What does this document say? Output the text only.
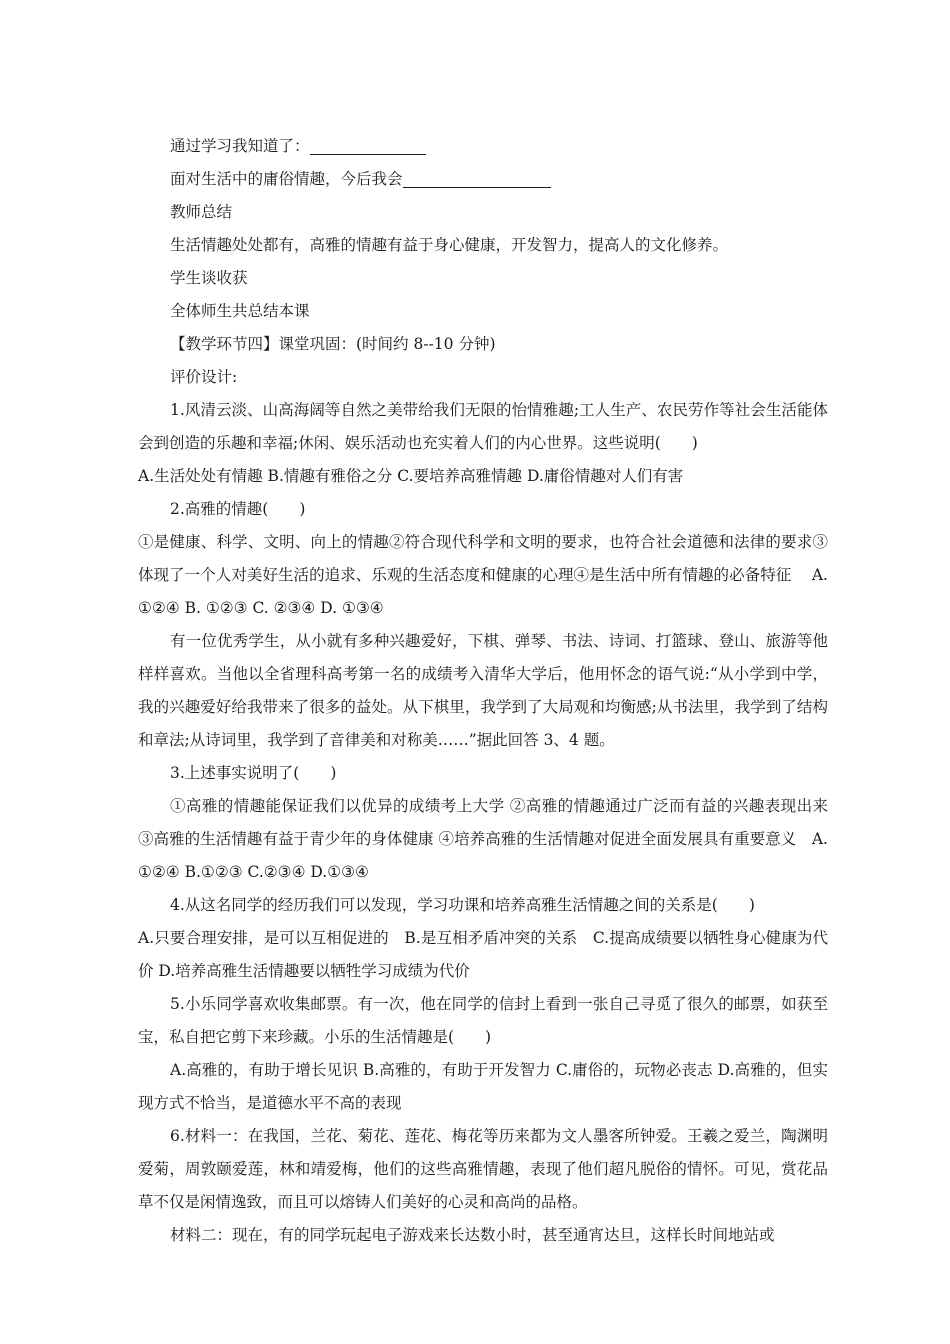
通过学习我知道了：

面对生活中的庸俗情趣，今后我会

教师总结

生活情趣处处都有，高雅的情趣有益于身心健康，开发智力，提高人的文化修养。

学生谈收获

全体师生共总结本课

【教学环节四】课堂巩固：(时间约 8--10 分钟)

评价设计:

1.风清云淡、山高海阔等自然之美带给我们无限的怡情雅趣;工人生产、农民劳作等社会生活能体会到创造的乐趣和幸福;休闲、娱乐活动也充实着人们的内心世界。这些说明(　　)

A.生活处处有情趣 B.情趣有雅俗之分 C.要培养高雅情趣 D.庸俗情趣对人们有害

2.高雅的情趣(　　)

①是健康、科学、文明、向上的情趣②符合现代科学和文明的要求，也符合社会道德和法律的要求③体现了一个人对美好生活的追求、乐观的生活态度和健康的心理④是生活中所有情趣的必备特征　 A. ①②④ B. ①②③ C. ②③④ D. ①③④

有一位优秀学生，从小就有多种兴趣爱好，下棋、弹琴、书法、诗词、打篮球、登山、旅游等他样样喜欢。当他以全省理科高考第一名的成绩考入清华大学后，他用怀念的语气说:“从小学到中学，我的兴趣爱好给我带来了很多的益处。从下棋里，我学到了大局观和均衡感;从书法里，我学到了结构和章法;从诗词里，我学到了音律美和对称美……”据此回答 3、4 题。

3.上述事实说明了(　　)

①高雅的情趣能保证我们以优异的成绩考上大学 ②高雅的情趣通过广泛而有益的兴趣表现出来 ③高雅的生活情趣有益于青少年的身体健康 ④培养高雅的生活情趣对促进全面发展具有重要意义　A.①②④ B.①②③ C.②③④ D.①③④

4.从这名同学的经历我们可以发现，学习功课和培养高雅生活情趣之间的关系是(　　)

A.只要合理安排，是可以互相促进的　B.是互相矛盾冲突的关系　C.提高成绩要以牺牲身心健康为代价 D.培养高雅生活情趣要以牺牲学习成绩为代价

5.小乐同学喜欢收集邮票。有一次，他在同学的信封上看到一张自己寻觅了很久的邮票，如获至宝，私自把它剪下来珍藏。小乐的生活情趣是(　　)

A.高雅的，有助于增长见识 B.高雅的，有助于开发智力 C.庸俗的，玩物必丧志 D.高雅的，但实现方式不恰当，是道德水平不高的表现

6.材料一：在我国，兰花、菊花、莲花、梅花等历来都为文人墨客所钟爱。王羲之爱兰，陶渊明爱菊，周敦颐爱莲，林和靖爱梅，他们的这些高雅情趣，表现了他们超凡脱俗的情怀。可见，赏花品草不仅是闲情逸致，而且可以熔铸人们美好的心灵和高尚的品格。

材料二：现在，有的同学玩起电子游戏来长达数小时，甚至通宵达旦，这样长时间地站或
